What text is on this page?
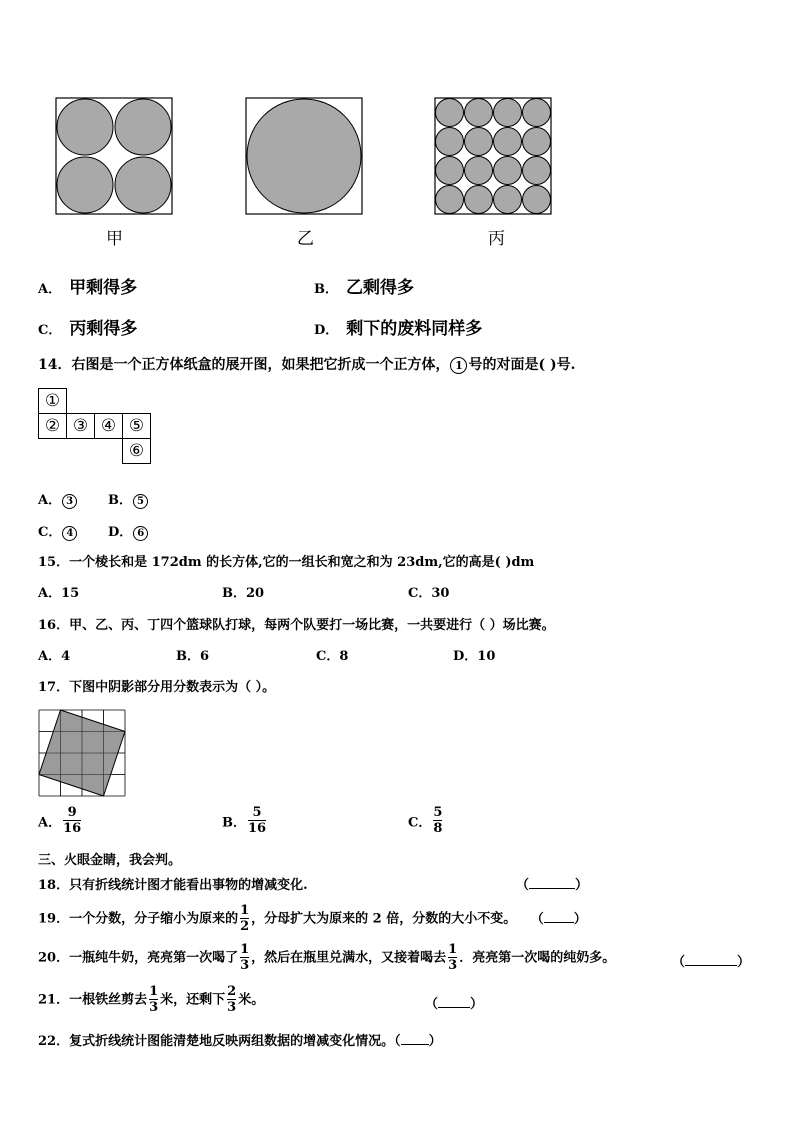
甲	乙	丙
A． 甲剩得多	B． 乙剩得多
C． 丙剩得多	D． 剩下的废料同样多
14．右图是一个正方体纸盒的展开图，如果把它折成一个正方体， 1 号的对面是( )号.
①			
②	③	④	⑤
			⑥
A． 3	B． 5
C． 4	D． 6
15．一个棱长和是 172dm 的长方体,它的一组长和宽之和为 23dm,它的高是( )dm
A．15	B．20	C．30
16．甲、乙、丙、丁四个篮球队打球，每两个队要打一场比赛，一共要进行（ ）场比赛。
A．4	B．6	C．8	D．10
17．下图中阴影部分用分数表示为（ ）。
A． $\frac{9}{16}$	B． $\frac{5}{16}$	C． $\frac{5}{8}$
三、火眼金睛，我会判。
18．只有折线统计图才能看出事物的增减变化.	（	）
19．一个分数，分子缩小为原来的 $\frac{1}{2}$ ，分母扩大为原来的 2 倍，分数的大小不变。 （ ）
20．一瓶纯牛奶，亮亮第一次喝了 $\frac{1}{3}$ ，然后在瓶里兑满水，又接着喝去 $\frac{1}{3}$ ．亮亮第一次喝的纯奶多。	（	）
21．一根铁丝剪去 $\frac{1}{3}$ 米，还剩下 $\frac{2}{3}$ 米。	（ ）
22．复式折线统计图能清楚地反映两组数据的增减变化情况。（ ）
